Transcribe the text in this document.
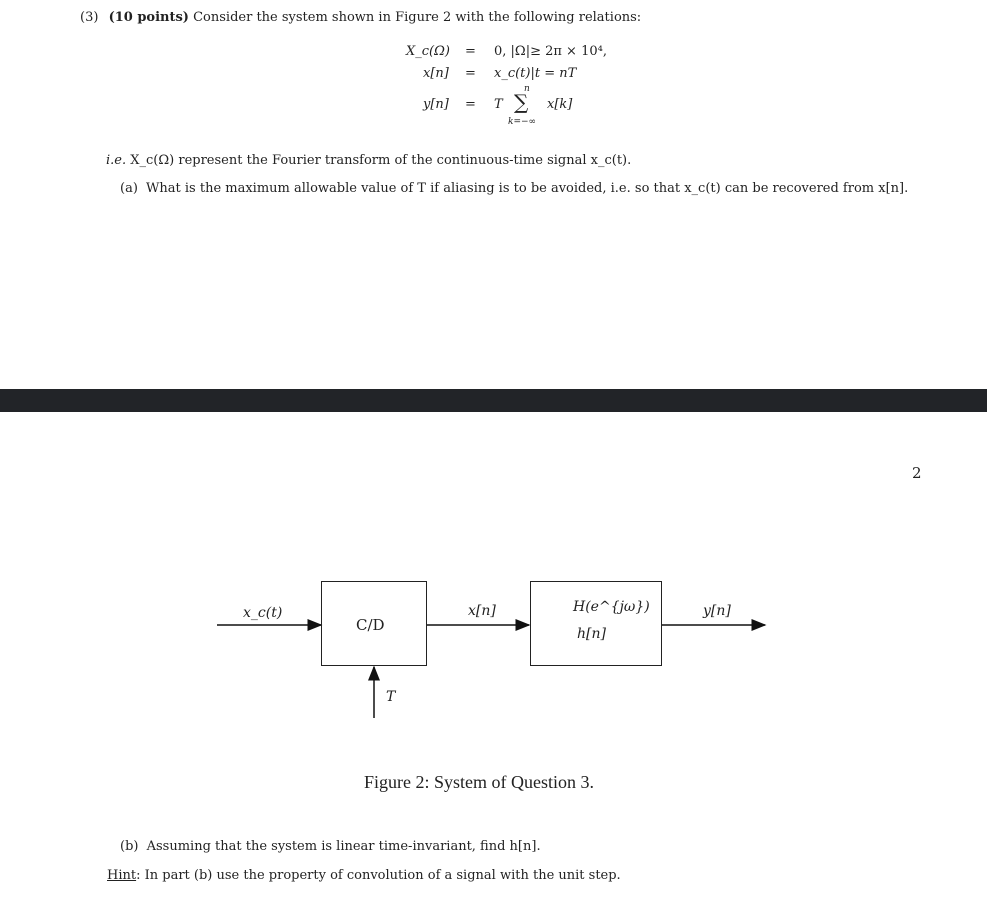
(3) (10 points) Consider the system shown in Figure 2 with the following relations:
X_c(Ω) = 0, |Ω|≥ 2π × 10⁴,
x[n] = x_c(t)|t = nT
y[n] = T
n
∑
k=−∞
x[k]
i.e. X_c(Ω) represent the Fourier transform of the continuous-time signal x_c(t).
(a) What is the maximum allowable value of T if aliasing is to be avoided, i.e. so that x_c(t) can be recovered from x[n].
2
x_c(t)
C/D
T
x[n]	H(e^{jω})
h[n]
y[n]
Figure 2: System of Question 3.
(b) Assuming that the system is linear time-invariant, find h[n].
Hint: In part (b) use the property of convolution of a signal with the unit step.
